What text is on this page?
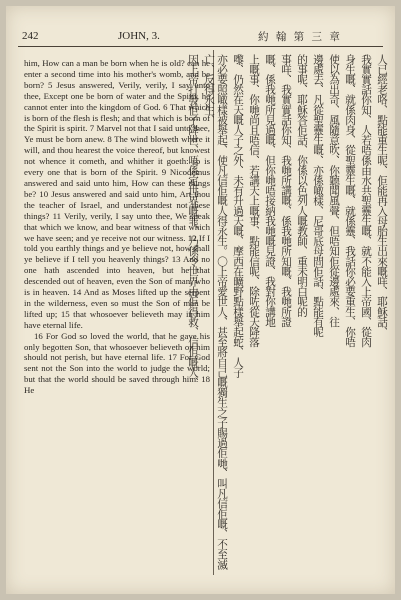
242	JOHN, 3.	約 翰 第 三 章

him, How can a man be born when he is old? can he enter a second time into his mother's womb, and be born? 5 Jesus answered, Verily, verily, I say unto thee, Except one be born of water and the Spirit, he cannot enter into the kingdom of God. 6 That which is born of the flesh is flesh; and that which is born of the Spirit is spirit. 7 Marvel not that I said unto thee, Ye must be born anew. 8 The wind bloweth where it will, and thou hearest the voice thereof, but knowest not whence it cometh, and whither it goeth: so is every one that is born of the Spirit. 9 Nicodemus answered and said unto him, How can these things be? 10 Jesus answered and said unto him, Art thou the teacher of Israel, and understandest not these things? 11 Verily, verily, I say unto thee, We speak that which we know, and bear witness of that which we have seen; and ye receive not our witness. 12 If I told you earthly things and ye believe not, how shall ye believe if I tell you heavenly things? 13 And no one hath ascended into heaven, but he that descended out of heaven, even the Son of man, who is in heaven. 14 And as Moses lifted up the serpent in the wilderness, even so must the Son of man be lifted up; 15 that whosoever believeth may in him have eternal life.

16 For God so loved the world, that he gave his only begotten Son, that whosoever believeth on him should not perish, but have eternal life. 17 For God sent not the Son into the world to judge the world; but that the world should be saved through him. 18 He

人已經老咯、點能重生呢、佢能再入母胎生出來嘅咩、耶穌話、
我實實話你知、人若唔係由水共聖靈生嘅、就不能入上帝國、從肉
身生嘅、就係肉身、從聖靈生嘅、就係靈、我話你必要重生、你唔
使以為出奇、風隨意吹、你聽聞風聲、但唔知佢從邊處來、往
邊處去、凡從聖靈生嘅、亦係噉樣、尼哥底母問佢話、點能有呢
的事呢、耶穌答佢話、你係以色列人嘅教師、重未明白呢的
事咩、我實實話你知、我哋所講嘅、係我哋所知嘅、我哋所證
嘅、係我哋所見過嘅、但你哋唔接納我哋嘅見證、我對你講地
上嘅事、你哋尚且唔信、若講天上嘅事、點能信呢、除咗從天降落
嚟、仍然在天嘅人子之外、未有升過天嘅、摩西在曠野點樣舉起蛇、人子
亦必要照噉樣被舉起、使凡信佢嘅人得永生。〇上帝愛世人、甚至將自己嘅獨生之子賜過佢哋、叫凡信佢嘅、不至滅亡、反得永生、
因上帝打發佢子降世、唔係定世界嘅罪、乃係令世界由佢得救、信佢嘅人、
